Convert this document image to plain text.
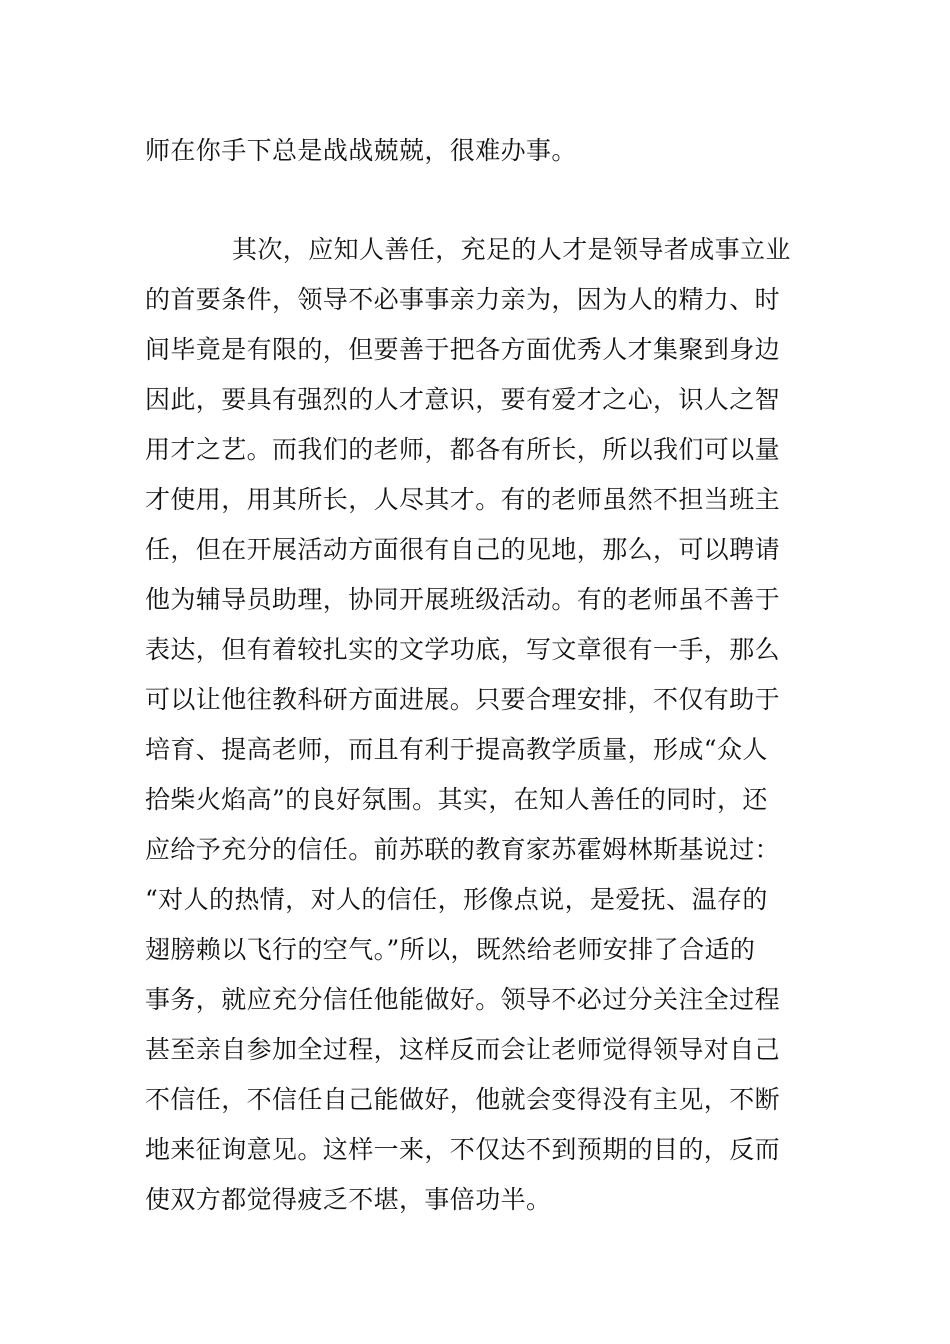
师在你手下总是战战兢兢，很难办事。
其次，应知人善任，充足的人才是领导者成事立业
的首要条件，领导不必事事亲力亲为，因为人的精力、时
间毕竟是有限的，但要善于把各方面优秀人才集聚到身边
因此，要具有强烈的人才意识，要有爱才之心，识人之智
用才之艺。而我们的老师，都各有所长，所以我们可以量
才使用，用其所长，人尽其才。有的老师虽然不担当班主
任，但在开展活动方面很有自己的见地，那么，可以聘请
他为辅导员助理，协同开展班级活动。有的老师虽不善于
表达，但有着较扎实的文学功底，写文章很有一手，那么
可以让他往教科研方面进展。只要合理安排，不仅有助于
培育、提高老师，而且有利于提高教学质量，形成“众人
拾柴火焰高”的良好氛围。其实，在知人善任的同时，还
应给予充分的信任。前苏联的教育家苏霍姆林斯基说过：
“对人的热情，对人的信任，形像点说，是爱抚、温存的
翅膀赖以飞行的空气。”所以，既然给老师安排了合适的
事务，就应充分信任他能做好。领导不必过分关注全过程
甚至亲自参加全过程，这样反而会让老师觉得领导对自己
不信任，不信任自己能做好，他就会变得没有主见，不断
地来征询意见。这样一来，不仅达不到预期的目的，反而
使双方都觉得疲乏不堪，事倍功半。
